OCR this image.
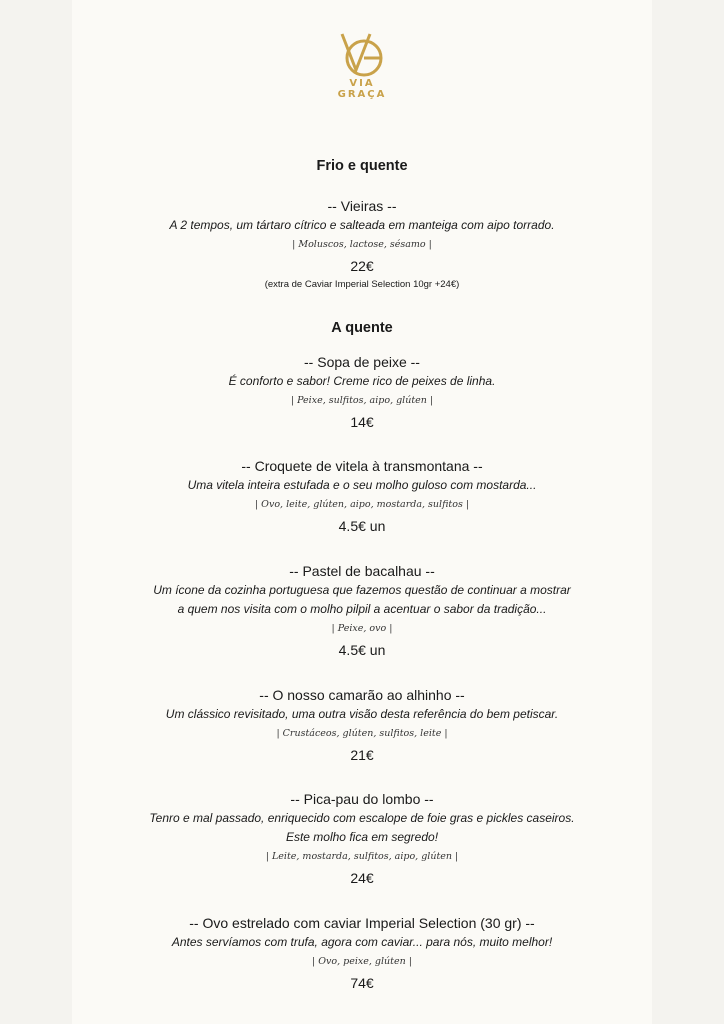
VIA
GRAÇA
Frio e quente
-- Vieiras --
A 2 tempos, um tártaro cítrico e salteada em manteiga com aipo torrado.
| Moluscos, lactose, sésamo |
22€
(extra de Caviar Imperial Selection 10gr +24€)
A quente
-- Sopa de peixe --
É conforto e sabor! Creme rico de peixes de linha.
| Peixe, sulfitos, aipo, glúten |
14€
-- Croquete de vitela à transmontana --
Uma vitela inteira estufada e o seu molho guloso com mostarda...
| Ovo, leite, glúten, aipo, mostarda, sulfitos |
4.5€ un
-- Pastel de bacalhau --
Um ícone da cozinha portuguesa que fazemos questão de continuar a mostrar
a quem nos visita com o molho pilpil a acentuar o sabor da tradição...
| Peixe, ovo |
4.5€ un
-- O nosso camarão ao alhinho --
Um clássico revisitado, uma outra visão desta referência do bem petiscar.
| Crustáceos, glúten, sulfitos, leite |
21€
-- Pica-pau do lombo --
Tenro e mal passado, enriquecido com escalope de foie gras e pickles caseiros.
Este molho fica em segredo!
| Leite, mostarda, sulfitos, aipo, glúten |
24€
-- Ovo estrelado com caviar Imperial Selection (30 gr) --
Antes servíamos com trufa, agora com caviar... para nós, muito melhor!
| Ovo, peixe, glúten |
74€
